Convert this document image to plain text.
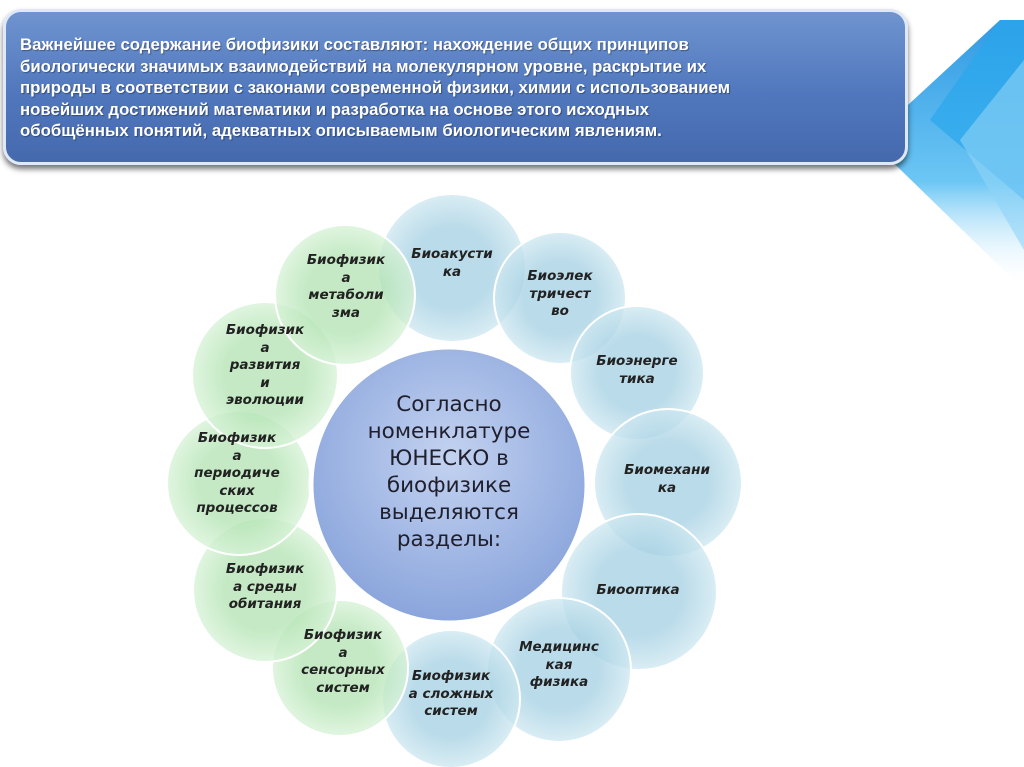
Важнейшее содержание биофизики составляют: нахождение общих принципов
биологически значимых взаимодействий на молекулярном уровне, раскрытие их
природы в соответствии с законами современной физики, химии с использованием
новейших достижений математики и разработка на основе этого исходных
обобщённых понятий, адекватных описываемым биологическим явлениям.

Согласно
номенклатуре
ЮНЕСКО в
биофизике
выделяются
разделы:
Биоакусти
ка	Биоэлек
тричест
во
Биоэнерге
тика
Биомехани
ка
Биооптика
Медицинс
кая
физика
Биофизик
а сложных
систем
Биофизик
а
сенсорных
систем
Биофизик
а среды
обитания
Биофизик
а
периодиче
ских
процессов
Биофизик
а
развития
и
эволюции
Биофизик
а
метаболи
зма
